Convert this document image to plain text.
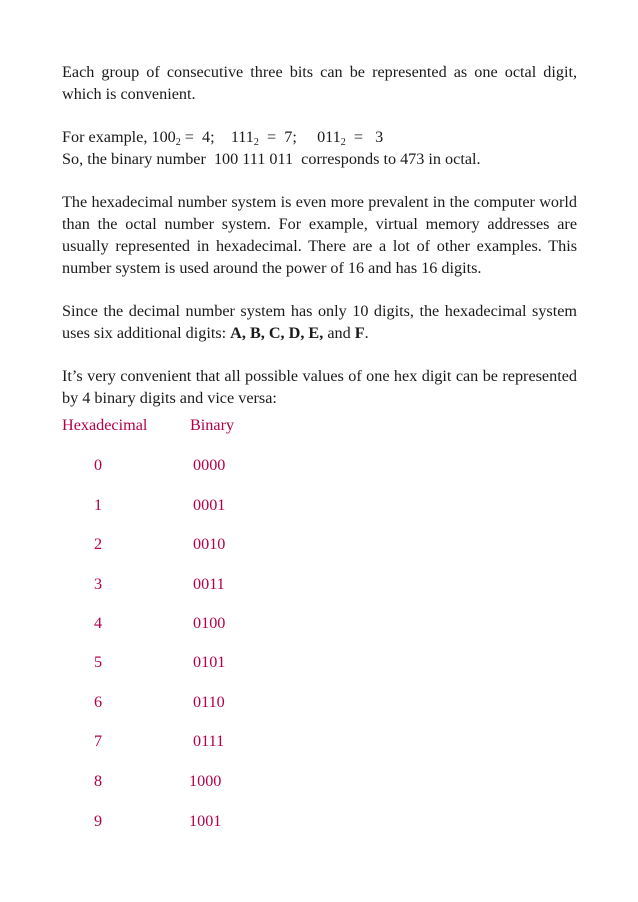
Each group of consecutive three bits can be represented as one octal digit, which is convenient.

For example, $100_2 = 4$; $111_2 = 7$; $011_2 = 3$
So, the binary number  100 111 011  corresponds to 473 in octal.

The hexadecimal number system is even more prevalent in the computer world than the octal number system. For example, virtual memory addresses are usually represented in hexadecimal. There are a lot of other examples. This number system is used around the power of 16 and has 16 digits.

Since the decimal number system has only 10 digits, the hexadecimal system uses six additional digits: A, B, C, D, E, and F.

It’s very convenient that all possible values of one hex digit can be represented by 4 binary digits and vice versa:

Hexadecimal	Binary
0	0000
1	0001
2	0010
3	0011
4	0100
5	0101
6	0110
7	0111
8	1000
9	1001
